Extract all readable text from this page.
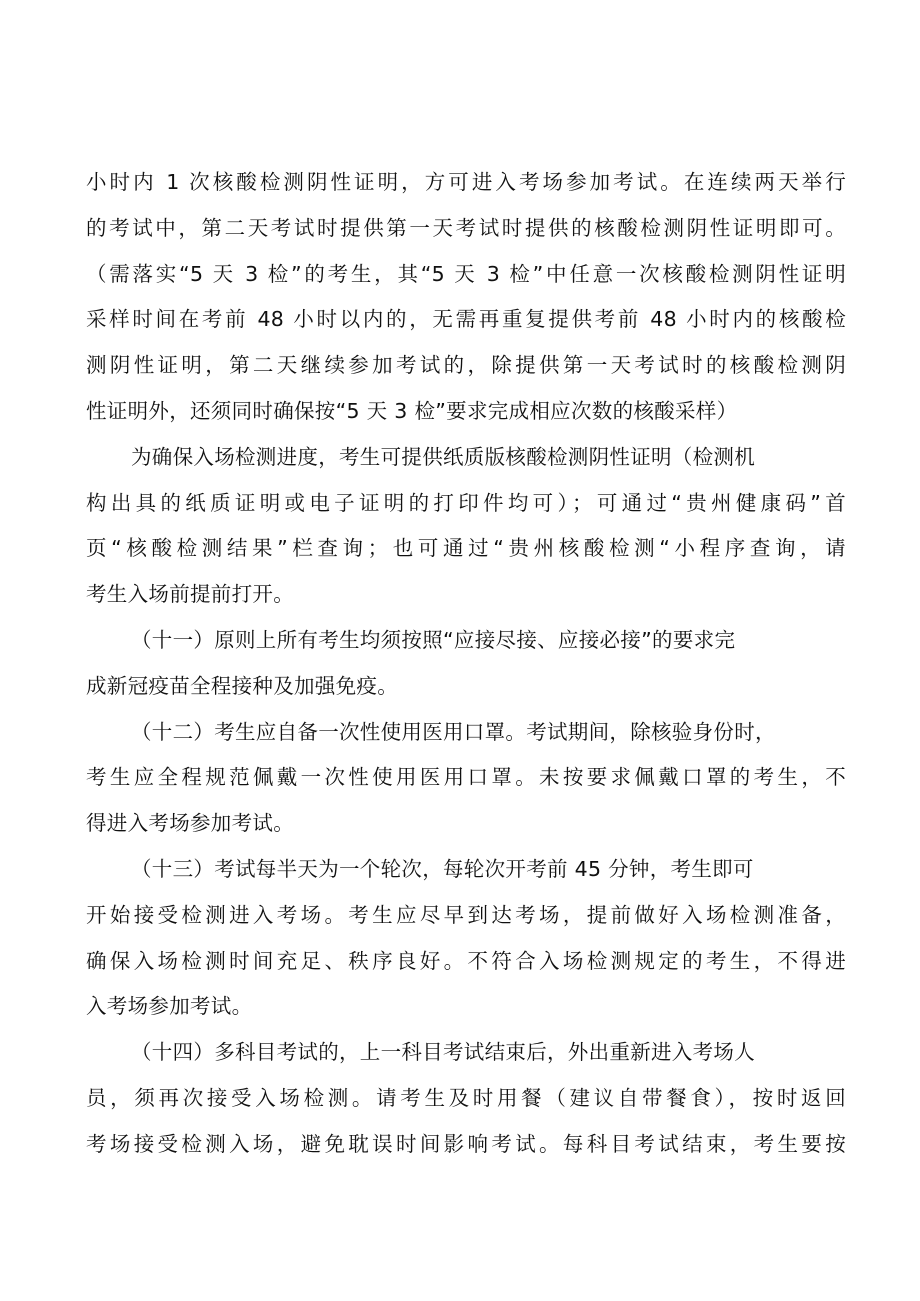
小时内 1 次核酸检测阴性证明，方可进入考场参加考试。在连续两天举行
的考试中，第二天考试时提供第一天考试时提供的核酸检测阴性证明即可。
（需落实“5 天 3 检”的考生，其“5 天 3 检”中任意一次核酸检测阴性证明
采样时间在考前 48 小时以内的，无需再重复提供考前 48 小时内的核酸检
测阴性证明，第二天继续参加考试的，除提供第一天考试时的核酸检测阴
性证明外，还须同时确保按“5 天 3 检”要求完成相应次数的核酸采样）
为确保入场检测进度，考生可提供纸质版核酸检测阴性证明（检测机
构出具的纸质证明或电子证明的打印件均可）；可通过“贵州健康码”首
页“核酸检测结果”栏查询；也可通过“贵州核酸检测“小程序查询，请
考生入场前提前打开。
（十一）原则上所有考生均须按照“应接尽接、应接必接”的要求完
成新冠疫苗全程接种及加强免疫。
（十二）考生应自备一次性使用医用口罩。考试期间，除核验身份时，
考生应全程规范佩戴一次性使用医用口罩。未按要求佩戴口罩的考生，不
得进入考场参加考试。
（十三）考试每半天为一个轮次，每轮次开考前 45 分钟，考生即可
开始接受检测进入考场。考生应尽早到达考场，提前做好入场检测准备，
确保入场检测时间充足、秩序良好。不符合入场检测规定的考生，不得进
入考场参加考试。
（十四）多科目考试的，上一科目考试结束后，外出重新进入考场人
员，须再次接受入场检测。请考生及时用餐（建议自带餐食），按时返回
考场接受检测入场，避免耽误时间影响考试。每科目考试结束，考生要按
